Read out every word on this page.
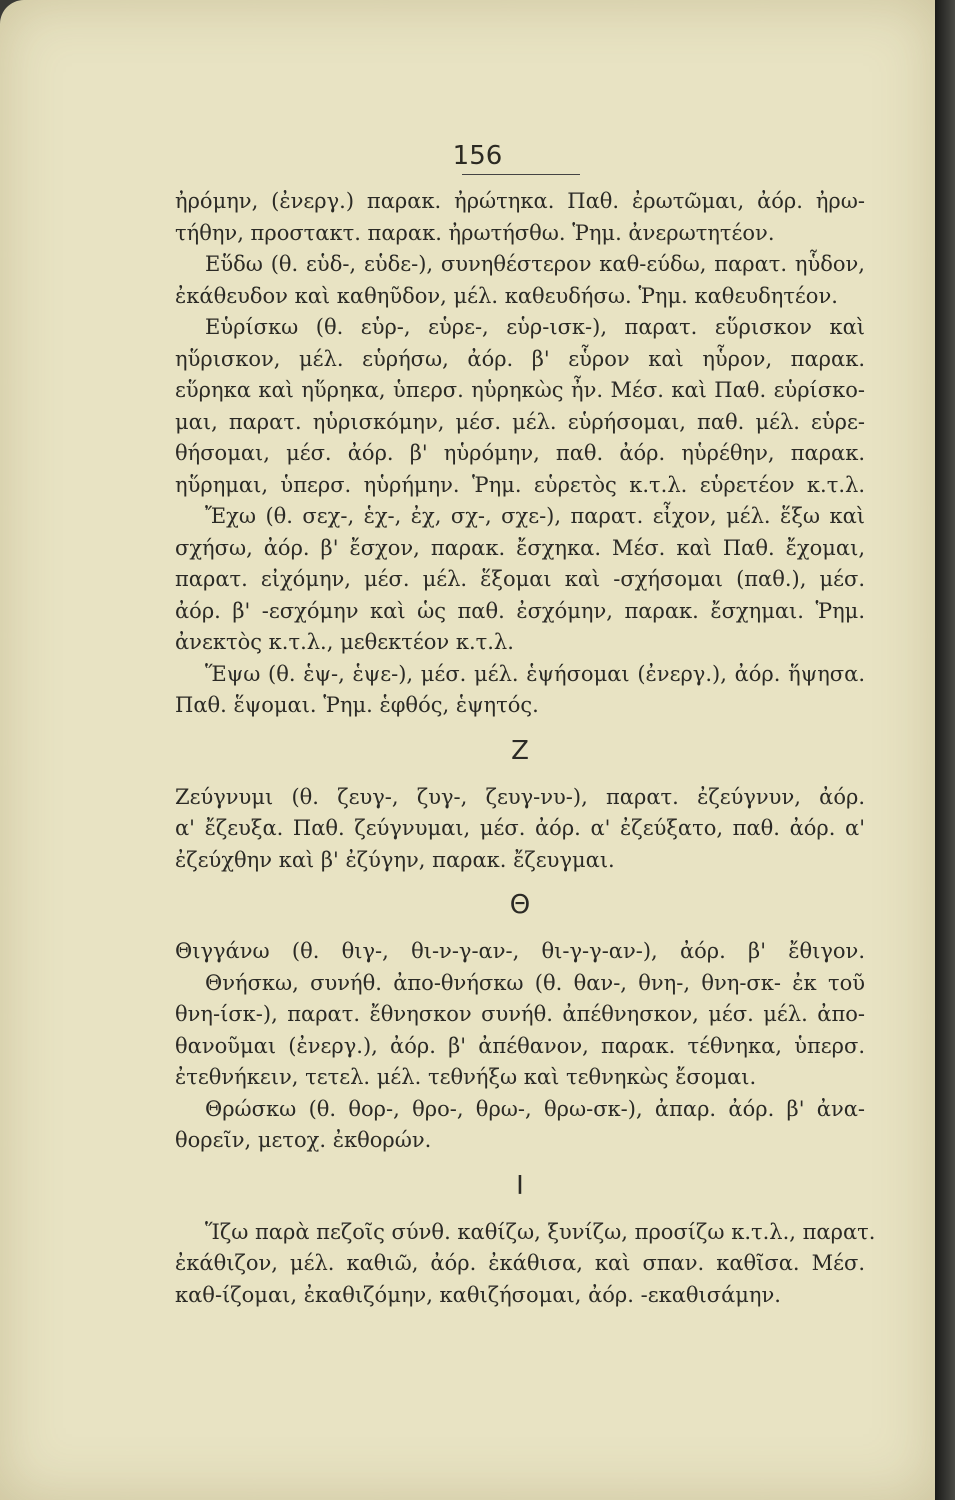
156
ἠρόμην, (ἐνεργ.) παρακ. ἠρώτηκα. Παθ. ἐρωτῶμαι, ἀόρ. ἠρω-
τήθην, προστακτ. παρακ. ἠρωτήσθω. Ῥημ. ἀνερωτητέον.
Εὕδω (θ. εὑδ-, εὑδε-), συνηθέστερον καθ-εύδω, παρατ. ηὗδον,
ἐκάθευδον καὶ καθηῦδον, μέλ. καθευδήσω. Ῥημ. καθευδητέον.
Εὑρίσκω (θ. εὑρ-, εὑρε-, εὑρ-ισκ-), παρατ. εὕρισκον καὶ
ηὕρισκον, μέλ. εὑρήσω, ἀόρ. β' εὗρον καὶ ηὗρον, παρακ.
εὕρηκα καὶ ηὕρηκα, ὑπερσ. ηὑρηκὼς ἦν. Μέσ. καὶ Παθ. εὑρίσκο-
μαι, παρατ. ηὑρισκόμην, μέσ. μέλ. εὑρήσομαι, παθ. μέλ. εὑρε-
θήσομαι, μέσ. ἀόρ. β' ηὑρόμην, παθ. ἀόρ. ηὑρέθην, παρακ.
ηὕρημαι, ὑπερσ. ηὑρήμην. Ῥημ. εὑρετὸς κ.τ.λ. εὑρετέον κ.τ.λ.
Ἔχω (θ. σεχ-, ἑχ-, ἐχ, σχ-, σχε-), παρατ. εἶχον, μέλ. ἕξω καὶ
σχήσω, ἀόρ. β' ἔσχον, παρακ. ἔσχηκα. Μέσ. καὶ Παθ. ἔχομαι,
παρατ. εἰχόμην, μέσ. μέλ. ἕξομαι καὶ -σχήσομαι (παθ.), μέσ.
ἀόρ. β' -εσχόμην καὶ ὡς παθ. ἐσχόμην, παρακ. ἔσχημαι. Ῥημ.
ἀνεκτὸς κ.τ.λ., μεθεκτέον κ.τ.λ.
Ἕψω (θ. ἑψ-, ἑψε-), μέσ. μέλ. ἑψήσομαι (ἐνεργ.), ἀόρ. ἥψησα.
Παθ. ἕψομαι. Ῥημ. ἑφθός, ἑψητός.
Ζ
Ζεύγνυμι (θ. ζευγ-, ζυγ-, ζευγ-νυ-), παρατ. ἐζεύγνυν, ἀόρ.
α' ἔζευξα. Παθ. ζεύγνυμαι, μέσ. ἀόρ. α' ἐζεύξατο, παθ. ἀόρ. α'
ἐζεύχθην καὶ β' ἐζύγην, παρακ. ἔζευγμαι.
Θ
Θιγγάνω (θ. θιγ-, θι-ν-γ-αν-, θι-γ-γ-αν-), ἀόρ. β' ἔθιγον.
Θνήσκω, συνήθ. ἀπο-θνήσκω (θ. θαν-, θνη-, θνη-σκ- ἐκ τοῦ
θνη-ίσκ-), παρατ. ἔθνησκον συνήθ. ἀπέθνησκον, μέσ. μέλ. ἀπο-
θανοῦμαι (ἐνεργ.), ἀόρ. β' ἀπέθανον, παρακ. τέθνηκα, ὑπερσ.
ἐτεθνήκειν, τετελ. μέλ. τεθνήξω καὶ τεθνηκὼς ἔσομαι.
Θρώσκω (θ. θορ-, θρο-, θρω-, θρω-σκ-), ἀπαρ. ἀόρ. β' ἀνα-
θορεῖν, μετοχ. ἐκθορών.
Ι
Ἵζω παρὰ πεζοῖς σύνθ. καθίζω, ξυνίζω, προσίζω κ.τ.λ., παρατ.
ἐκάθιζον, μέλ. καθιῶ, ἀόρ. ἐκάθισα, καὶ σπαν. καθῖσα. Μέσ.
καθ-ίζομαι, ἐκαθιζόμην, καθιζήσομαι, ἀόρ. -εκαθισάμην.
